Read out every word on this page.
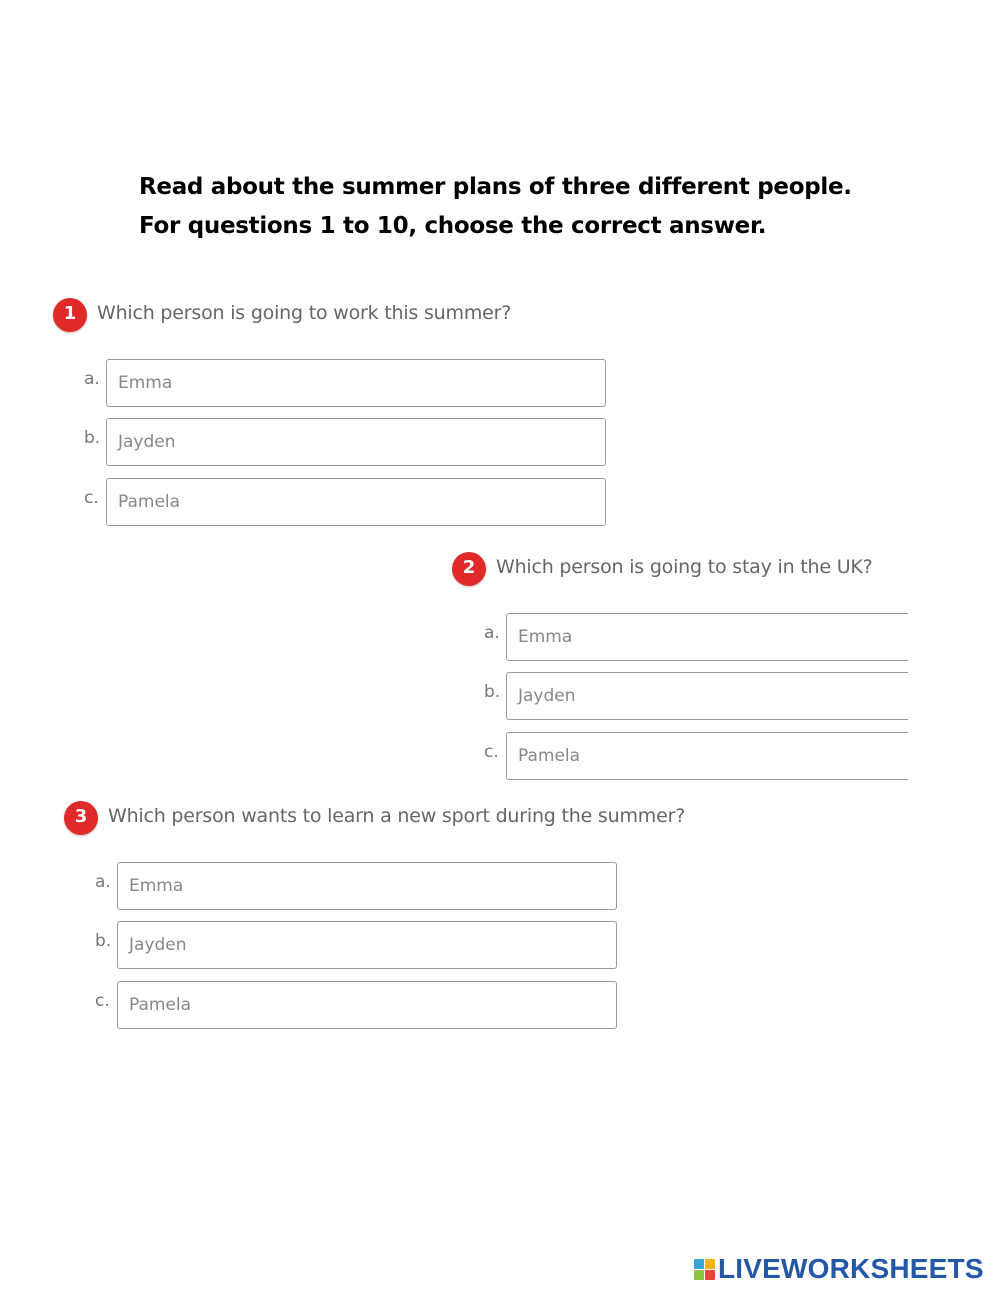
Read about the summer plans of three different people. For questions 1 to 10, choose the correct answer.
1	Which person is going to work this summer?
a.	Emma
b.	Jayden
c.	Pamela
2	Which person is going to stay in the UK?
a.	Emma
b.	Jayden
c.	Pamela
3	Which person wants to learn a new sport during the summer?
a.	Emma
b.	Jayden
c.	Pamela
LIVEWORKSHEETS
